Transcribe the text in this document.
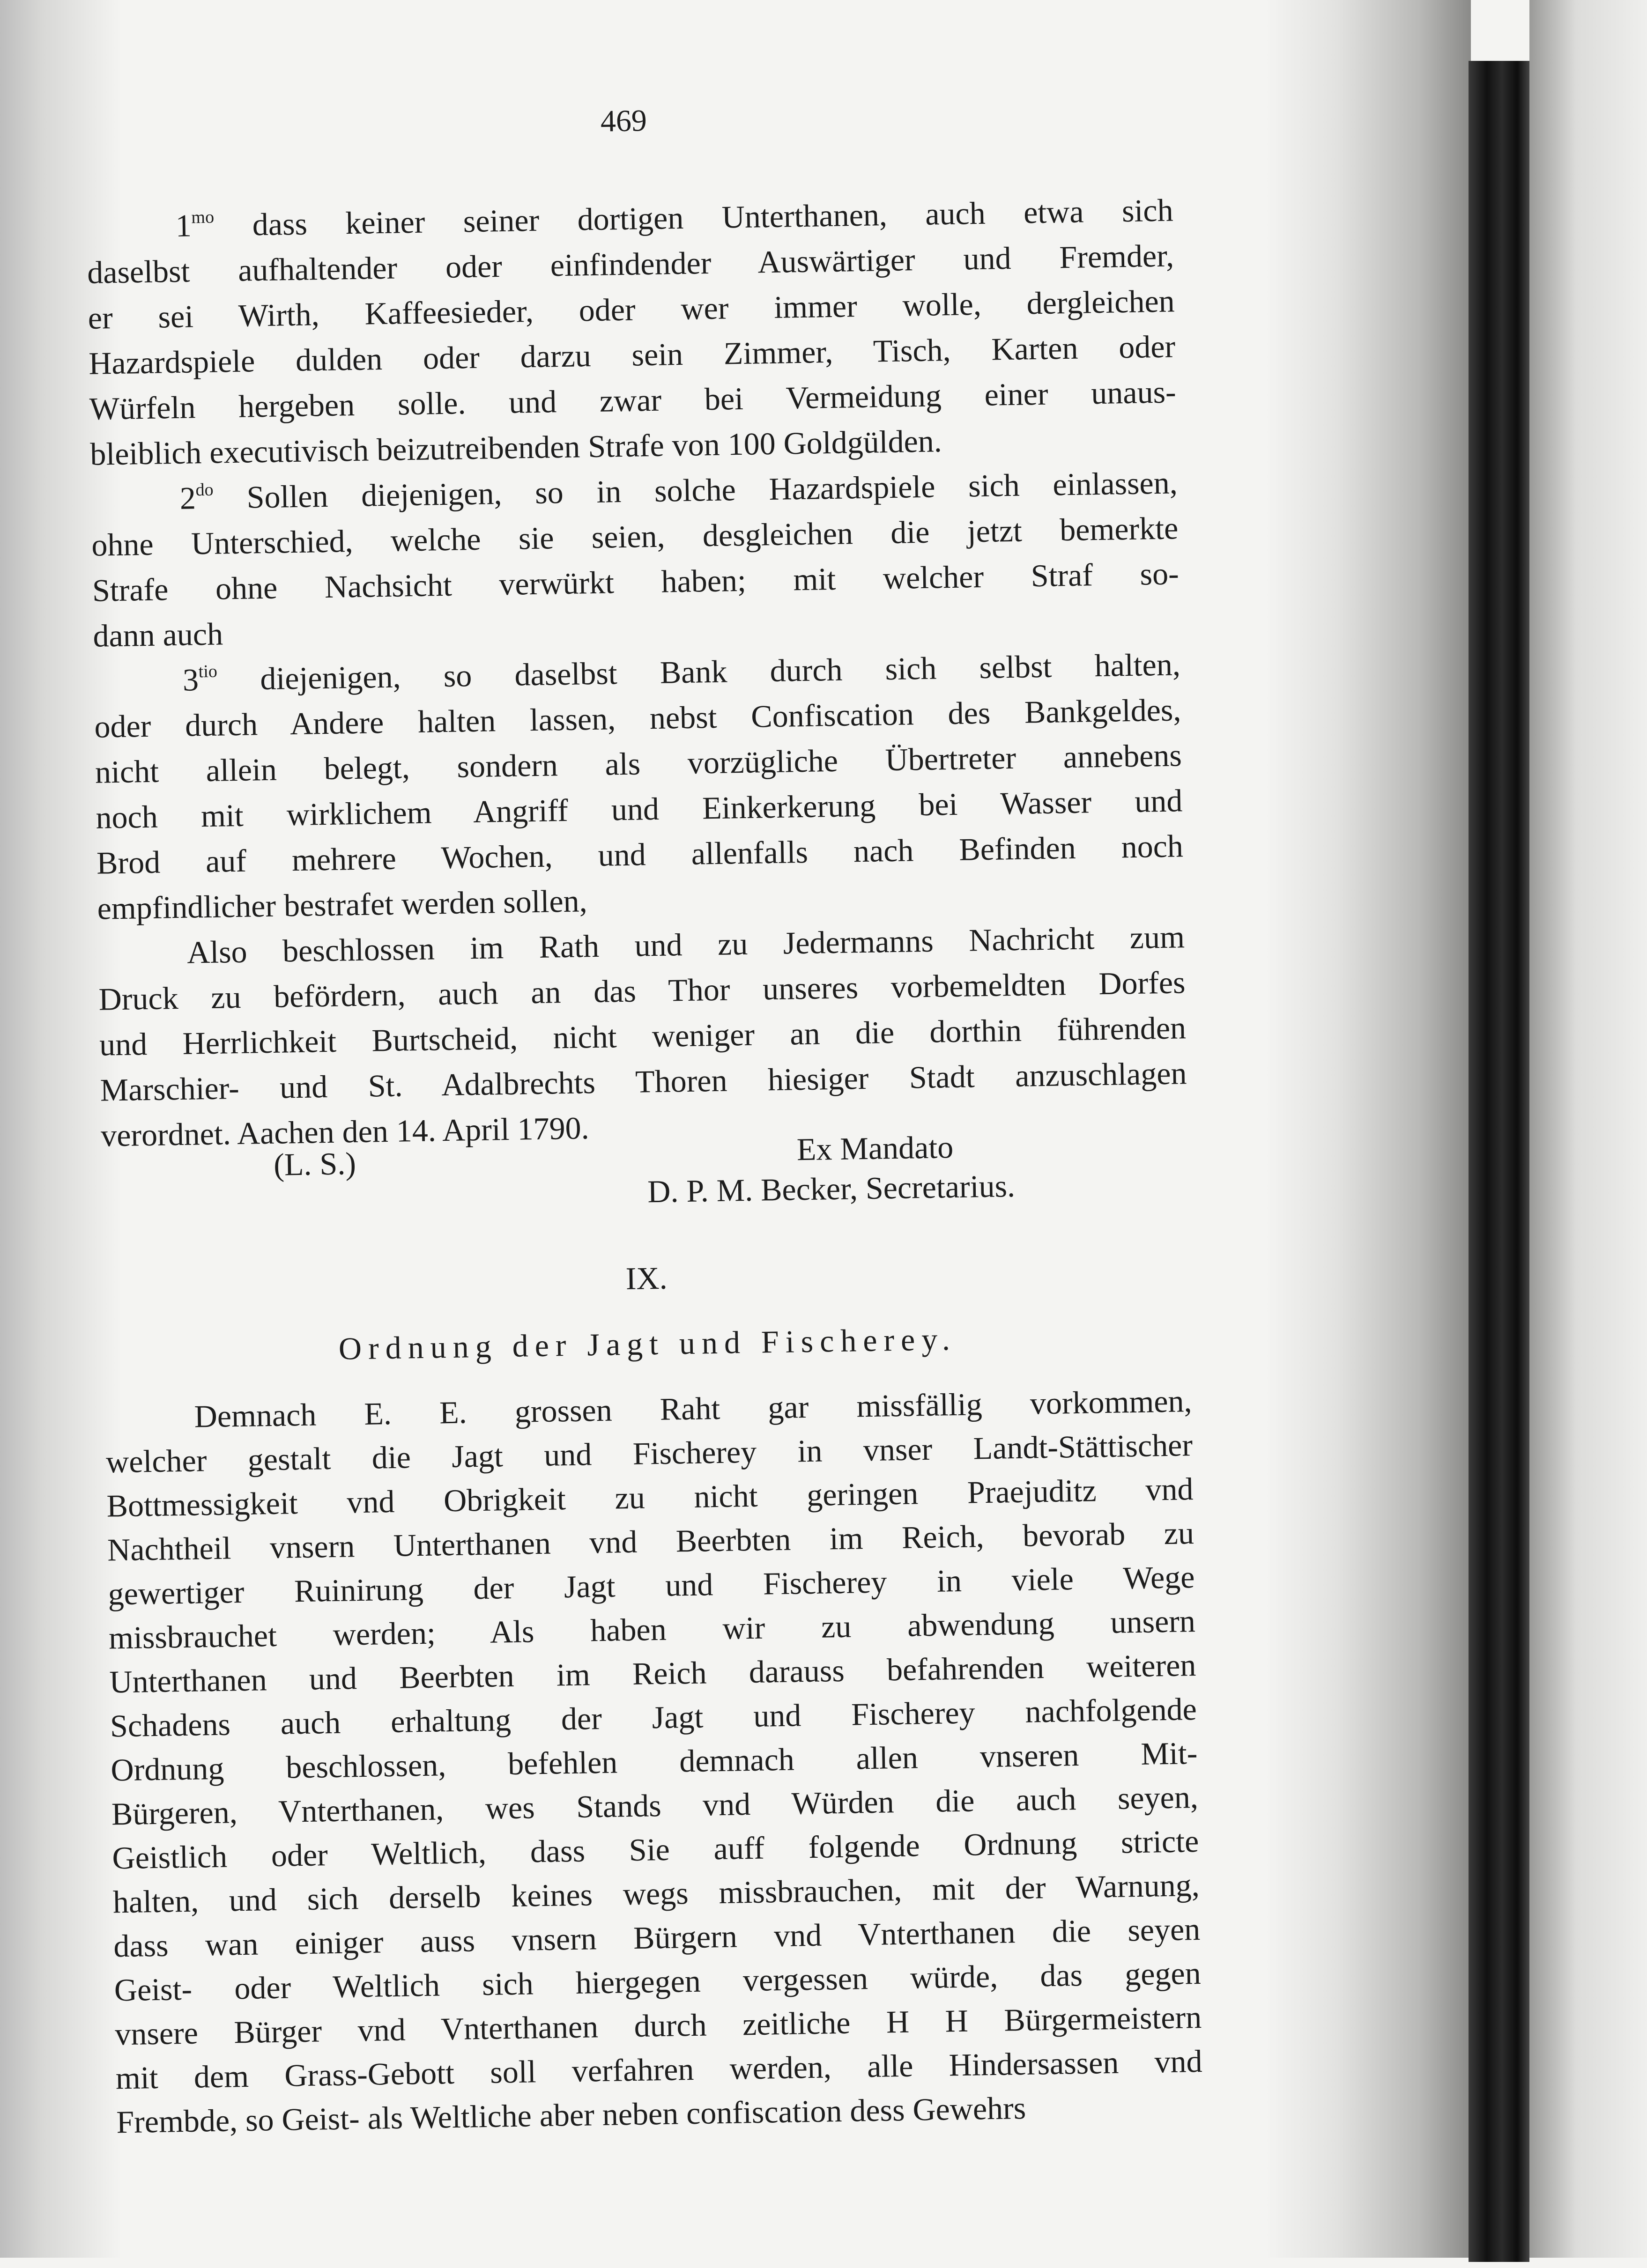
469
$1^{mo}$ dass keiner seiner dortigen Unterthanen, auch etwa sich
daselbst aufhaltender oder einfindender Auswärtiger und Fremder,
er sei Wirth, Kaffeesieder, oder wer immer wolle, dergleichen
Hazardspiele dulden oder darzu sein Zimmer, Tisch, Karten oder
Würfeln hergeben solle. und zwar bei Vermeidung einer unaus-
bleiblich executivisch beizutreibenden Strafe von 100 Goldgülden.
$2^{do}$ Sollen diejenigen, so in solche Hazardspiele sich einlassen,
ohne Unterschied, welche sie seien, desgleichen die jetzt bemerkte
Strafe ohne Nachsicht verwürkt haben; mit welcher Straf so-
dann auch
$3^{tio}$ diejenigen, so daselbst Bank durch sich selbst halten,
oder durch Andere halten lassen, nebst Confiscation des Bankgeldes,
nicht allein belegt, sondern als vorzügliche Übertreter annebens
noch mit wirklichem Angriff und Einkerkerung bei Wasser und
Brod auf mehrere Wochen, und allenfalls nach Befinden noch
empfindlicher bestrafet werden sollen,
Also beschlossen im Rath und zu Jedermanns Nachricht zum
Druck zu befördern, auch an das Thor unseres vorbemeldten Dorfes
und Herrlichkeit Burtscheid, nicht weniger an die dorthin führenden
Marschier- und St. Adalbrechts Thoren hiesiger Stadt anzuschlagen
verordnet. Aachen den 14. April 1790.
(L. S.)	Ex Mandato
D. P. M. Becker, Secretarius.
IX.
Ordnung der Jagt und Fischerey.
Demnach E. E. grossen Raht gar missfällig vorkommen,
welcher gestalt die Jagt und Fischerey in vnser Landt-Stättischer
Bottmessigkeit vnd Obrigkeit zu nicht geringen Praejuditz vnd
Nachtheil vnsern Unterthanen vnd Beerbten im Reich, bevorab zu
gewertiger Ruinirung der Jagt und Fischerey in viele Wege
missbrauchet werden; Als haben wir zu abwendung unsern
Unterthanen und Beerbten im Reich darauss befahrenden weiteren
Schadens auch erhaltung der Jagt und Fischerey nachfolgende
Ordnung beschlossen, befehlen demnach allen vnseren Mit-
Bürgeren, Vnterthanen, wes Stands vnd Würden die auch seyen,
Geistlich oder Weltlich, dass Sie auff folgende Ordnung stricte
halten, und sich derselb keines wegs missbrauchen, mit der Warnung,
dass wan einiger auss vnsern Bürgern vnd Vnterthanen die seyen
Geist- oder Weltlich sich hiergegen vergessen würde, das gegen
vnsere Bürger vnd Vnterthanen durch zeitliche H H Bürgermeistern
mit dem Grass-Gebott soll verfahren werden, alle Hindersassen vnd
Frembde, so Geist- als Weltliche aber neben confiscation dess Gewehrs
